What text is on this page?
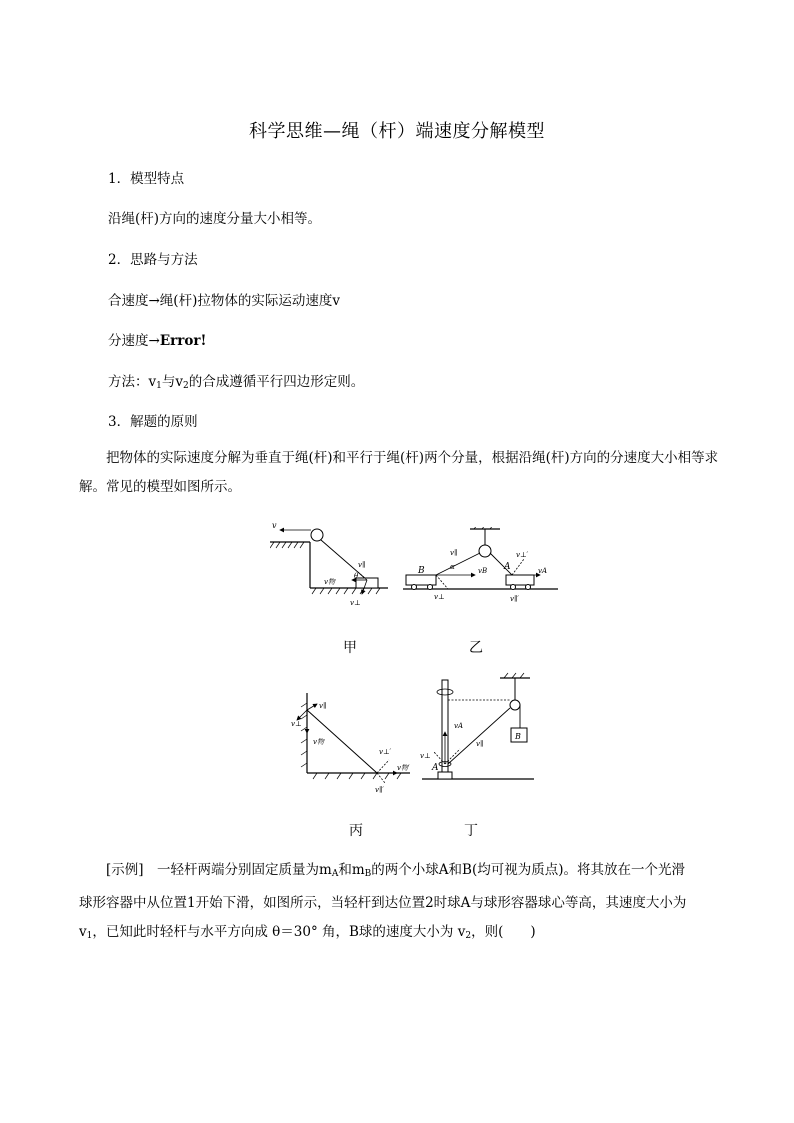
科学思维—绳（杆）端速度分解模型
1．模型特点
沿绳(杆)方向的速度分量大小相等。
2．思路与方法
合速度→绳(杆)拉物体的实际运动速度v
分速度→Error!
方法：$v_1$与$v_2$的合成遵循平行四边形定则。
3．解题的原则
把物体的实际速度分解为垂直于绳(杆)和平行于绳(杆)两个分量，根据沿绳(杆)方向的分速度大小相等求解。常见的模型如图所示。
v
v∥
θ
v物
v⊥
B	α
v∥
vB
v⊥
A
v⊥′
vA
v∥′
甲	乙
v⊥
v∥
v物
v⊥′
v物′
v∥′
B
A
vA
v⊥
v∥
丙	丁
[示例]　 一轻杆两端分别固定质量为$m_A$和$m_B$的两个小球A和B(均可视为质点)。将其放在一个光滑
球形容器中从位置1开始下滑，如图所示，当轻杆到达位置2时球A与球形容器球心等高，其速度大小为
$v_1$，已知此时轻杆与水平方向成 θ＝30° 角，B球的速度大小为 $v_2$，则(　　)
